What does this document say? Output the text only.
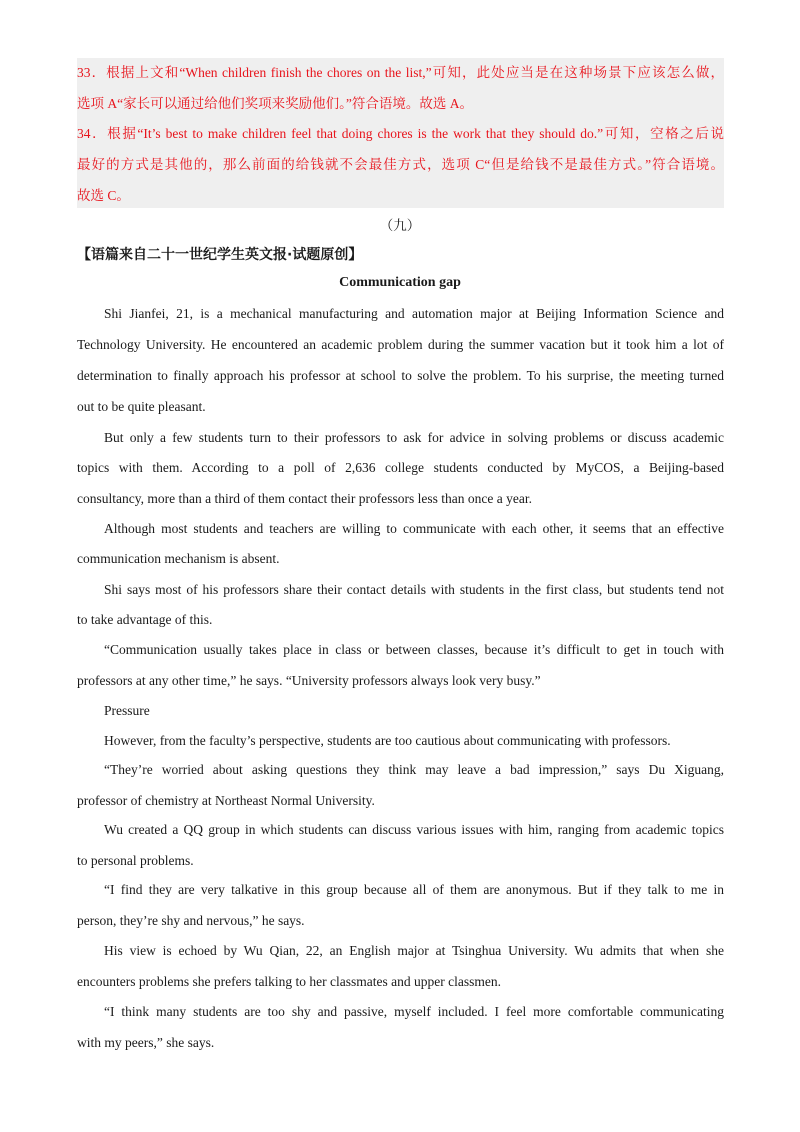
33．根据上文和“When children finish the chores on the list,”可知，此处应当是在这种场景下应该怎么做，
选项 A“家长可以通过给他们奖项来奖励他们。”符合语境。故选 A。
34．根据“It’s best to make children feel that doing chores is the work that they should do.”可知，空格之后说
最好的方式是其他的，那么前面的给钱就不会最佳方式，选项 C“但是给钱不是最佳方式。”符合语境。
故选 C。
（九）
【语篇来自二十一世纪学生英文报·试题原创】
Communication gap
Shi Jianfei, 21, is a mechanical manufacturing and automation major at Beijing Information Science and
Technology University. He encountered an academic problem during the summer vacation but it took him a lot of
determination to finally approach his professor at school to solve the problem. To his surprise, the meeting turned
out to be quite pleasant.
But only a few students turn to their professors to ask for advice in solving problems or discuss academic
topics with them. According to a poll of 2,636 college students conducted by MyCOS, a Beijing-based
consultancy, more than a third of them contact their professors less than once a year.
Although most students and teachers are willing to communicate with each other, it seems that an effective
communication mechanism is absent.
Shi says most of his professors share their contact details with students in the first class, but students tend not
to take advantage of this.
“Communication usually takes place in class or between classes, because it’s difficult to get in touch with
professors at any other time,” he says. “University professors always look very busy.”
Pressure
However, from the faculty’s perspective, students are too cautious about communicating with professors.
“They’re worried about asking questions they think may leave a bad impression,” says Du Xiguang,
professor of chemistry at Northeast Normal University.
Wu created a QQ group in which students can discuss various issues with him, ranging from academic topics
to personal problems.
“I find they are very talkative in this group because all of them are anonymous. But if they talk to me in
person, they’re shy and nervous,” he says.
His view is echoed by Wu Qian, 22, an English major at Tsinghua University. Wu admits that when she
encounters problems she prefers talking to her classmates and upper classmen.
“I think many students are too shy and passive, myself included. I feel more comfortable communicating
with my peers,” she says.
